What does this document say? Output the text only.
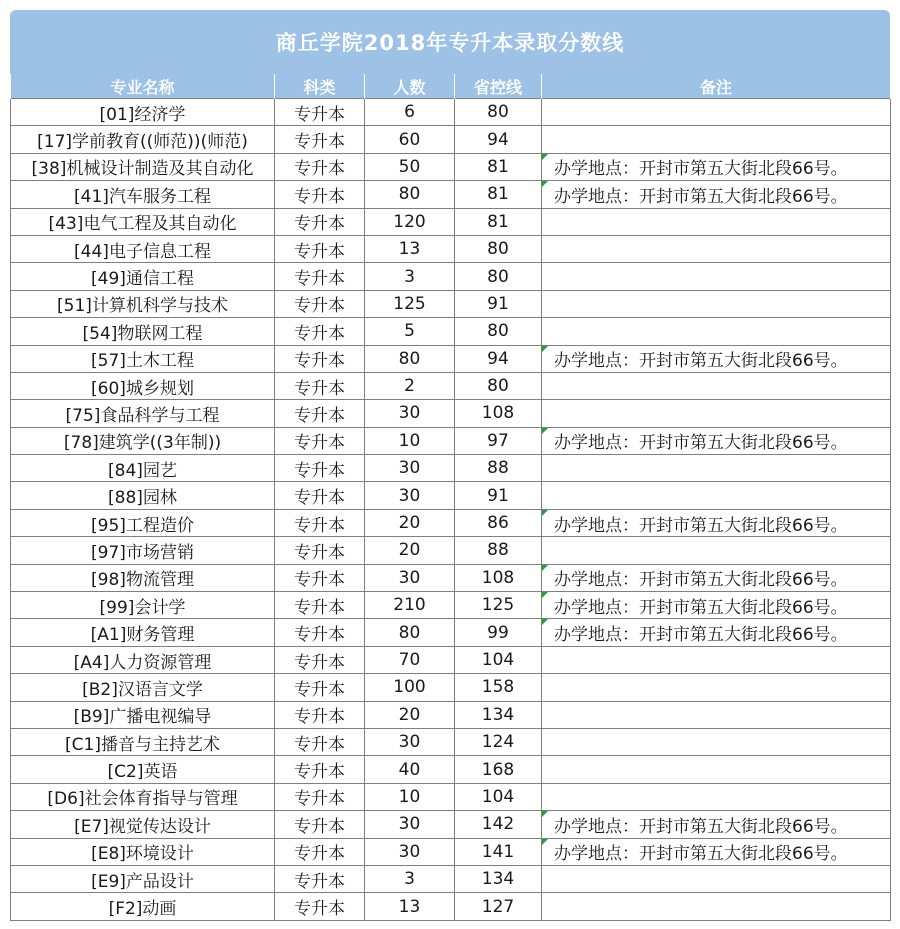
商丘学院2018年专升本录取分数线
专业名称	科类	人数	省控线	备注
[01]经济学	专升本	6	80	
[17]学前教育((师范))(师范)	专升本	60	94	
[38]机械设计制造及其自动化	专升本	50	81	办学地点：开封市第五大街北段66号。
[41]汽车服务工程	专升本	80	81	办学地点：开封市第五大街北段66号。
[43]电气工程及其自动化	专升本	120	81	
[44]电子信息工程	专升本	13	80	
[49]通信工程	专升本	3	80	
[51]计算机科学与技术	专升本	125	91	
[54]物联网工程	专升本	5	80	
[57]土木工程	专升本	80	94	办学地点：开封市第五大街北段66号。
[60]城乡规划	专升本	2	80	
[75]食品科学与工程	专升本	30	108	
[78]建筑学((3年制))	专升本	10	97	办学地点：开封市第五大街北段66号。
[84]园艺	专升本	30	88	
[88]园林	专升本	30	91	
[95]工程造价	专升本	20	86	办学地点：开封市第五大街北段66号。
[97]市场营销	专升本	20	88	
[98]物流管理	专升本	30	108	办学地点：开封市第五大街北段66号。
[99]会计学	专升本	210	125	办学地点：开封市第五大街北段66号。
[A1]财务管理	专升本	80	99	办学地点：开封市第五大街北段66号。
[A4]人力资源管理	专升本	70	104	
[B2]汉语言文学	专升本	100	158	
[B9]广播电视编导	专升本	20	134	
[C1]播音与主持艺术	专升本	30	124	
[C2]英语	专升本	40	168	
[D6]社会体育指导与管理	专升本	10	104	
[E7]视觉传达设计	专升本	30	142	办学地点：开封市第五大街北段66号。
[E8]环境设计	专升本	30	141	办学地点：开封市第五大街北段66号。
[E9]产品设计	专升本	3	134	
[F2]动画	专升本	13	127	
